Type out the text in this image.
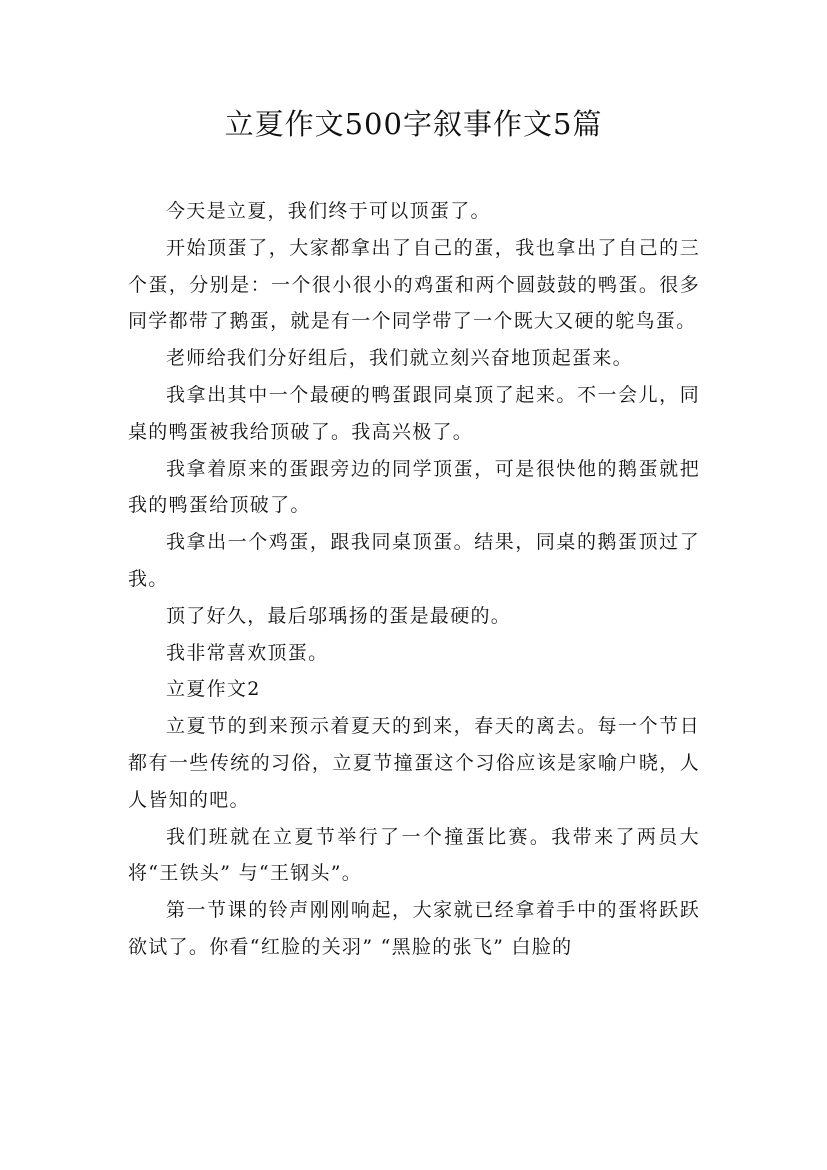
立夏作文500字叙事作文5篇

今天是立夏，我们终于可以顶蛋了。

开始顶蛋了，大家都拿出了自己的蛋，我也拿出了自己的三个蛋，分别是：一个很小很小的鸡蛋和两个圆鼓鼓的鸭蛋。很多同学都带了鹅蛋，就是有一个同学带了一个既大又硬的鸵鸟蛋。

老师给我们分好组后，我们就立刻兴奋地顶起蛋来。

我拿出其中一个最硬的鸭蛋跟同桌顶了起来。不一会儿，同桌的鸭蛋被我给顶破了。我高兴极了。

我拿着原来的蛋跟旁边的同学顶蛋，可是很快他的鹅蛋就把我的鸭蛋给顶破了。

我拿出一个鸡蛋，跟我同桌顶蛋。结果，同桌的鹅蛋顶过了我。

顶了好久，最后邬瑀扬的蛋是最硬的。

我非常喜欢顶蛋。

立夏作文2

立夏节的到来预示着夏天的到来，春天的离去。每一个节日都有一些传统的习俗，立夏节撞蛋这个习俗应该是家喻户晓，人人皆知的吧。

我们班就在立夏节举行了一个撞蛋比赛。我带来了两员大将“王铁头” 与“王钢头”。

第一节课的铃声刚刚响起，大家就已经拿着手中的蛋将跃跃欲试了。你看“红脸的关羽” “黑脸的张飞” 白脸的
